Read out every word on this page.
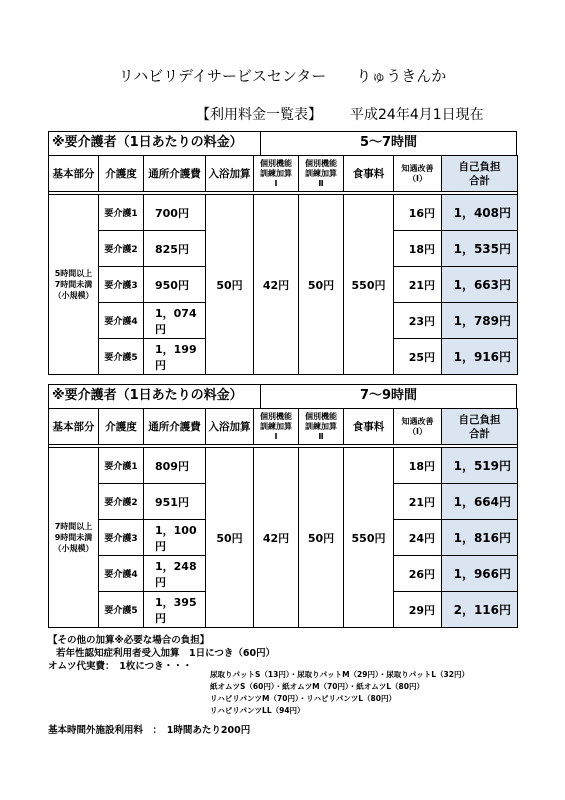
リハビリデイサービスセンター　　りゅうきんか
【利用料金一覧表】 平成24年4月1日現在
※要介護者（1日あたりの料金）	5～7時間
基本部分	介護度	通所介護費	入浴加算	個別機能
訓練加算
Ⅰ	個別機能
訓練加算
Ⅱ	食事料	知遇改善
（Ⅰ）	自己負担
合計

5時間以上
7時間未満
（小規模）	要介護1	700円	50円	42円	50円	550円	16円	1，408円
	要介護2	825円					18円	1，535円
	要介護3	950円					21円	1，663円
	要介護4	1，074円					23円	1，789円
	要介護5	1，199円					25円	1，916円
※要介護者（1日あたりの料金）	7～9時間
基本部分	介護度	通所介護費	入浴加算	個別機能
訓練加算
Ⅰ	個別機能
訓練加算
Ⅱ	食事料	知遇改善
（Ⅰ）	自己負担
合計

7時間以上
9時間未満
（小規模）	要介護1	809円	50円	42円	50円	550円	18円	1，519円
	要介護2	951円					21円	1，664円
	要介護3	1，100円					24円	1，816円
	要介護4	1，248円					26円	1，966円
	要介護5	1，395円					29円	2，116円
【その他の加算※必要な場合の負担】
若年性認知症利用者受入加算　1日につき（60円）
オムツ代実費：　1枚につき・・・
尿取りパットS（13円）・尿取りパットM（29円）・尿取りパットL（32円）
紙オムツS（60円）・紙オムツM（70円）・紙オムツL（80円）
リハビリパンツM（70円）・リハビリパンツL（80円）
リハビリパンツLL（94円）
基本時間外施設利用料　：　1時間あたり200円
